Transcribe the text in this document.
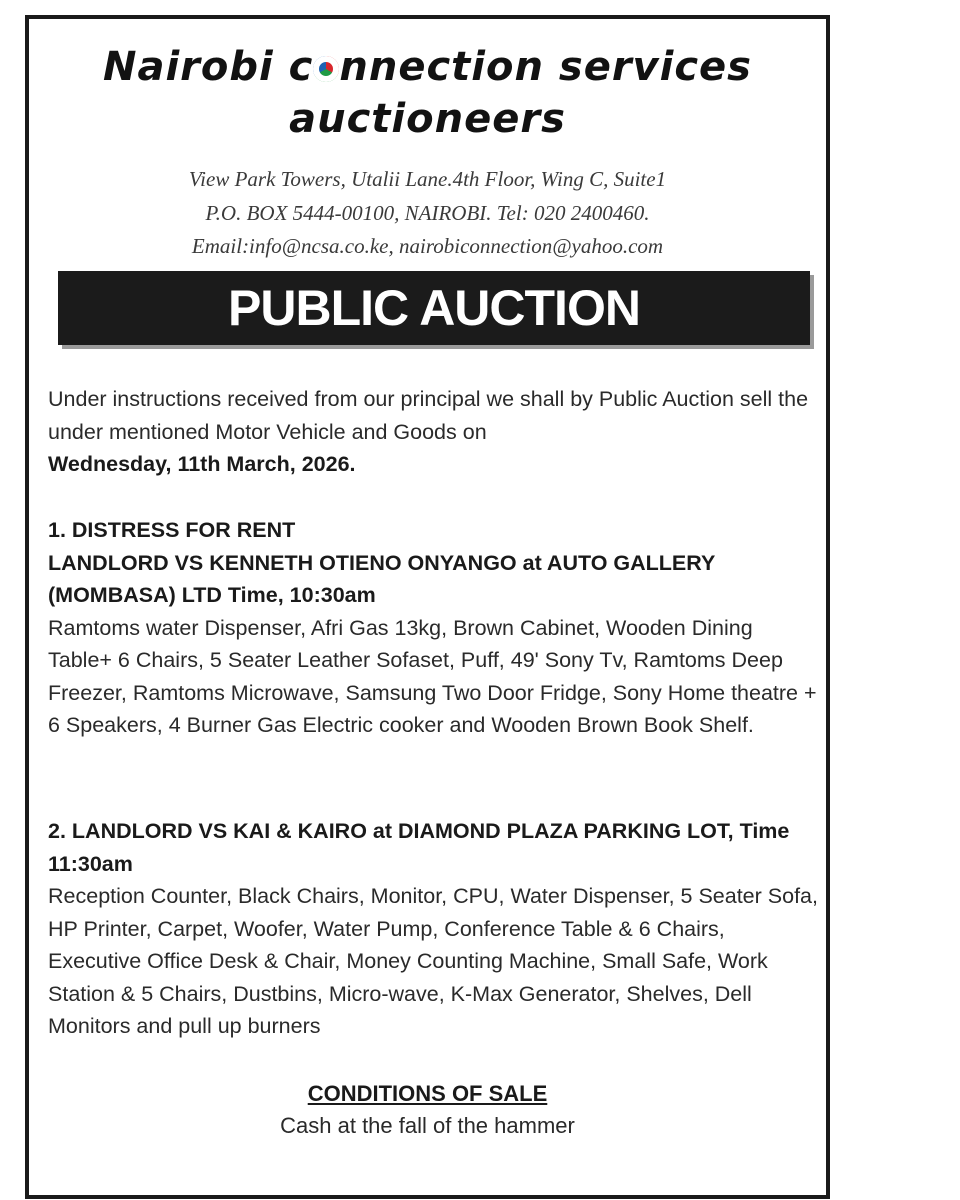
Nairobi c nnection services
auctioneers
View Park Towers, Utalii Lane.4th Floor, Wing C, Suite1
P.O. BOX 5444-00100, NAIROBI. Tel: 020 2400460.
Email:info@ncsa.co.ke, nairobiconnection@yahoo.com
PUBLIC AUCTION
Under instructions received from our principal we shall by Public Auction sell the under mentioned Motor Vehicle and Goods on
Wednesday, 11th March, 2026.
1. DISTRESS FOR RENT
LANDLORD VS KENNETH OTIENO ONYANGO at AUTO GALLERY (MOMBASA) LTD Time, 10:30am
Ramtoms water Dispenser, Afri Gas 13kg, Brown Cabinet, Wooden Dining Table+ 6 Chairs, 5 Seater Leather Sofaset, Puff, 49' Sony Tv, Ramtoms Deep Freezer, Ramtoms Microwave, Samsung Two Door Fridge, Sony Home theatre + 6 Speakers, 4 Burner Gas Electric cooker and Wooden Brown Book Shelf.
2. LANDLORD VS KAI & KAIRO at DIAMOND PLAZA PARKING LOT, Time 11:30am
Reception Counter, Black Chairs, Monitor, CPU, Water Dispenser, 5 Seater Sofa, HP Printer, Carpet, Woofer, Water Pump, Conference Table & 6 Chairs, Executive Office Desk & Chair, Money Counting Machine, Small Safe, Work Station & 5 Chairs, Dustbins, Micro-wave, K-Max Generator, Shelves, Dell Monitors and pull up burners
CONDITIONS OF SALE
Cash at the fall of the hammer
